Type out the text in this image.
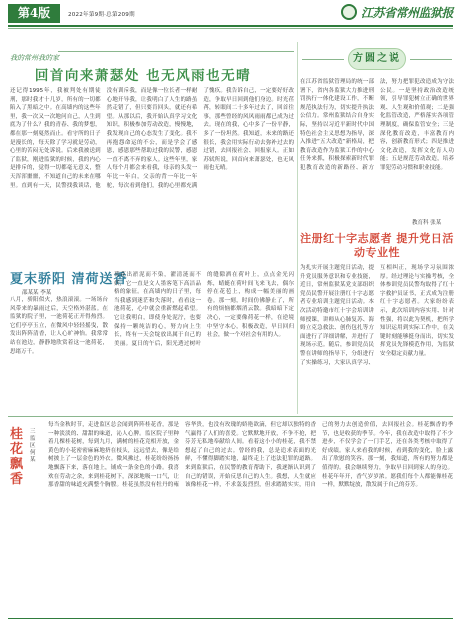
第4版	2022年第9期·总第209期	江苏省常州监狱报
我的常州我的家
回首向来萧瑟处 也无风雨也无晴
还记得1995年，我被判处有期徒刑，那时我才十几岁，所有的一切都陷入了黑暗之中。在高墙内的这些年里，我一次又一次地问自己，人生到底为了什么？我的青春、我的梦想，都在那一刻戛然而止。看守所的日子是漫长的，每天除了学习就是劳动，心里的苦闷无处诉说。后来我被送到了监狱，刚进监狱的时候，我的内心是排斥的，觉得一切都毫无意义，整天浑浑噩噩，不知道自己的未来在哪里。直到有一天，民警找我谈话，他没有训斥我，而是像一位长者一样耐心地开导我，让我明白了人生的路虽然走错了，但只要肯回头，就还有希望。从那以后，我开始认真学习文化知识，积极参加劳动改造，慢慢地，我发现自己的心态发生了变化。我不再抱怨命运的不公，而是学会了感恩，感恩那些帮助过我的民警，感恩一直不离不弃的家人。这些年里，家人每个月都会来看我，母亲的头发一年比一年白，父亲的背一年比一年驼，每次看到他们，我的心里都充满了愧疚。我告诉自己，一定要好好改造，争取早日回到他们身边。时光荏苒，转眼间二十多年过去了，回首往事，那些曾经的风风雨雨都已成为过去。现在的我，心中多了一份平静，多了一份坦然。我知道，未来的路还很长，我会用实际行动去弥补过去的过错，去回报社会、回报家人。正如苏轼所说，回首向来萧瑟处，也无风雨也无晴。
方圆之说
在江苏省监狱管理局的统一部署下，省内各监狱大力推进刑罚执行一体化建设工作，不断规范执法行为，切实提升执法公信力。常州监狱结合自身实际，坚持以习近平新时代中国特色社会主义思想为指导，深入推进“五大改造”新格局，把教育改造作为监狱工作的中心任务来抓，积极探索新时代罪犯教育改造的新路径、新方法，努力把罪犯改造成为守法公民。一是坚持政治改造统领，引导罪犯树立正确的世界观、人生观和价值观；二是强化监管改造，严格落实各项管理制度，确保监管安全；三是深化教育改造，丰富教育内容，创新教育形式；四是推进文化改造，发挥文化育人功能；五是规范劳动改造，培养罪犯劳动习惯和职业技能。
教育科 张某
注册红十字志愿者 提升党日活动专业性
为扎实开展主题党日活动，提升党员服务意识和专业技能，近日，常州监狱某党支部组织党员民警开展注册红十字志愿者专业培训主题党日活动。本次活动特邀市红十字会培训讲师授课，讲师从心肺复苏、海姆立克急救法、创伤包扎等方面进行了详细讲解，并进行了现场示范。随后，参训党员民警在讲师的指导下，分组进行了实操练习，大家认真学习、互相纠正，现场学习氛围浓厚。经过理论与实操考核，全体参训党员民警均取得了红十字救护员证书，正式成为注册红十字志愿者。大家纷纷表示，此次培训内容实用、针对性强，将以此为契机，把所学知识运用到实际工作中，在关键时刻能够挺身而出，切实发挥党员先锋模范作用，为监狱安全稳定贡献力量。
夏末骄阳 清荷送香
邵某某 李某
八月，骄阳似火，热浪滚滚。一场场台风带来的暴雨过后，天空格外湛蓝。在监狱的院子里，一池荷花正开得热烈。它们亭亭玉立，在微风中轻轻摇曳，散发出阵阵清香，让人心旷神怡。我常常站在池边，静静地欣赏着这一池荷花，思绪万千。
荷花出淤泥而不染，濯清涟而不妖，它一直是文人墨客笔下高洁品格的象征。在高墙内的日子里，每当我感到迷茫和失落时，看看这一池荷花，心中就会重新燃起希望。它让我明白，即使身处泥泞，也要保持一颗纯洁的心，努力向上生长，终有一天会绽放出属于自己的美丽。夏日的午后，阳光透过树叶的缝隙洒在荷叶上，点点金光闪烁，蜻蜓在荷叶间飞来飞去，偶尔停在花苞上，构成一幅美丽的画卷。那一刻，时间仿佛静止了，所有的烦恼都烟消云散。我暗暗下定决心，一定要像荷花一样，在逆境中坚守本心，积极改造，早日回归社会，做一个对社会有用的人。
桂花飘香
三监区 何某
每当金秋时节，走进监区总会闻到阵阵桂花香，那是一种淡淡的、甜甜的味道，沁人心脾。监区院子里种着几棵桂花树，每到九月，满树的桂花竞相开放，金黄色的小花密密麻麻地挤在枝头，远远望去，像是给树披上了一层金色的外衣。微风拂过，桂花纷纷扬扬地飘落下来，落在地上，铺成一条金色的小路。我喜欢在劳动之余，来到桂花树下，深深地吸一口气，让那香甜的味道充满整个胸膛。桂花虽然没有牡丹的雍容华贵，也没有玫瑰的娇艳欲滴，但它却以独特的香气赢得了人们的喜爱。它默默地开放，不争不抢，把芬芳无私地奉献给人间。看着这小小的桂花，我不禁想起了自己的过去。曾经的我，总是追求表面的光鲜，不懂得脚踏实地，最终走上了违法犯罪的道路。来到监狱后，在民警的教育帮助下，我逐渐认识到了自己的错误，开始反思自己的人生。我想，人生就应该像桂花一样，不求轰轰烈烈，但求踏踏实实，用自己的努力去创造价值，去回报社会。桂花飘香的季节，也是收获的季节。今年，我在改造中取得了不少进步，不仅学会了一门手艺，还在各类考核中取得了好成绩。家人来看我的时候，看到我的变化，脸上露出了欣慰的笑容。那一刻，我知道，所有的努力都是值得的。我会继续努力，争取早日回到家人的身边。桂花年年开，香气岁岁浓。愿我们每个人都能像桂花一样，默默绽放，散发属于自己的芬芳。
